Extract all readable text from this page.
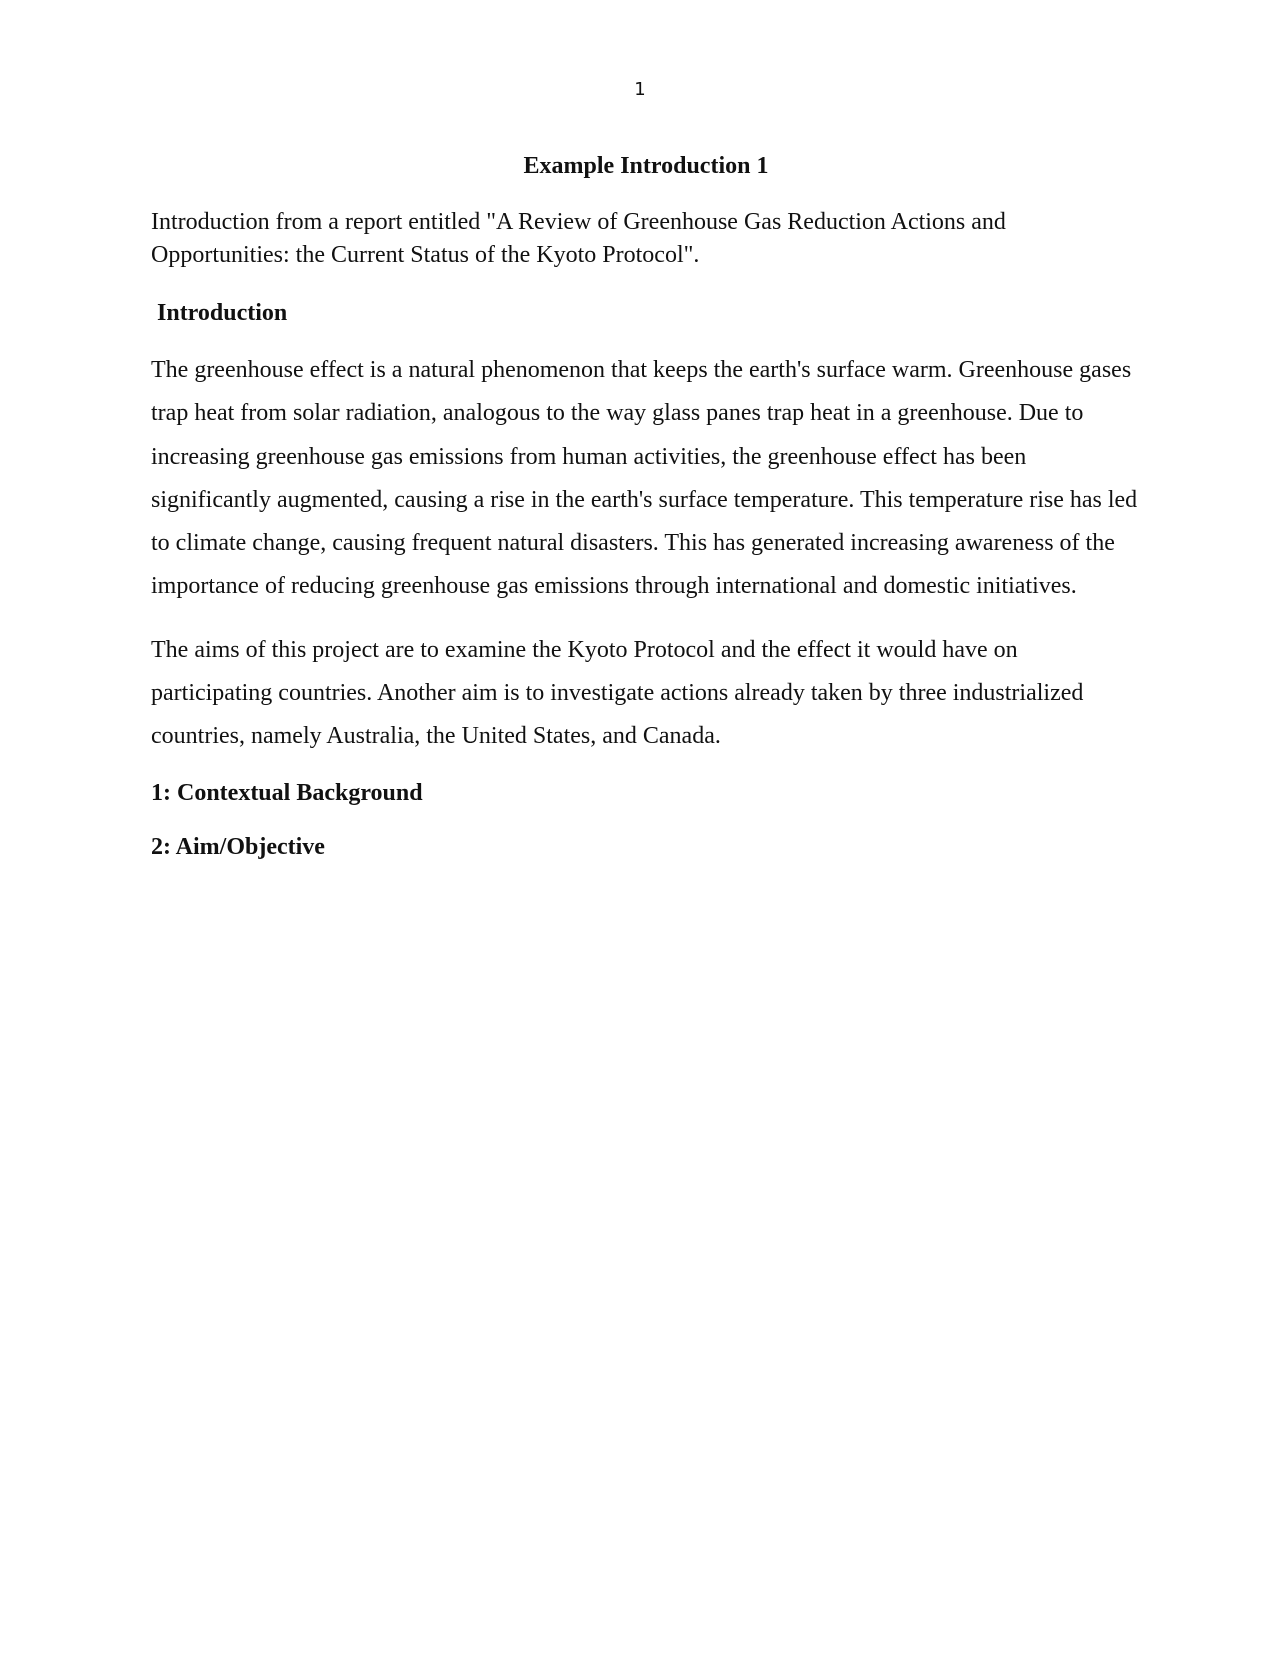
1
Example Introduction 1

Introduction from a report entitled "A Review of Greenhouse Gas Reduction Actions and Opportunities: the Current Status of the Kyoto Protocol".

Introduction

The greenhouse effect is a natural phenomenon that keeps the earth's surface warm. Greenhouse gases trap heat from solar radiation, analogous to the way glass panes trap heat in a greenhouse. Due to increasing greenhouse gas emissions from human activities, the greenhouse effect has been significantly augmented, causing a rise in the earth's surface temperature. This temperature rise has led to climate change, causing frequent natural disasters. This has generated increasing awareness of the importance of reducing greenhouse gas emissions through international and domestic initiatives.

The aims of this project are to examine the Kyoto Protocol and the effect it would have on participating countries. Another aim is to investigate actions already taken by three industrialized countries, namely Australia, the United States, and Canada.

1: Contextual Background
2: Aim/Objective
